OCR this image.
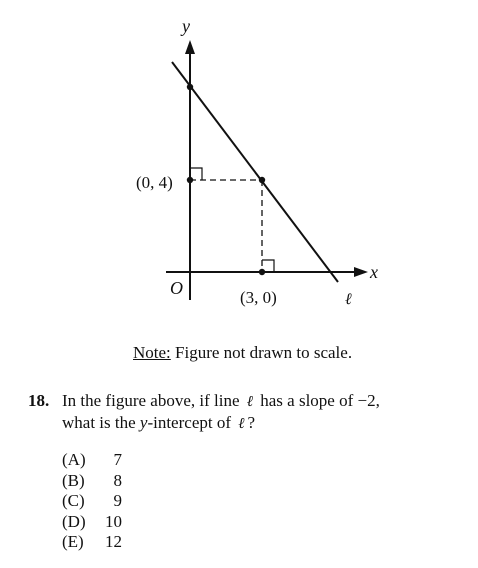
y
x
O
(0, 4)
(3, 0)	ℓ
Note: Figure not drawn to scale.
18. In the figure above, if line ℓ has a slope of −2,
what is the y-intercept of ℓ ?
(A) 7
(B) 8
(C) 9
(D) 10
(E) 12
